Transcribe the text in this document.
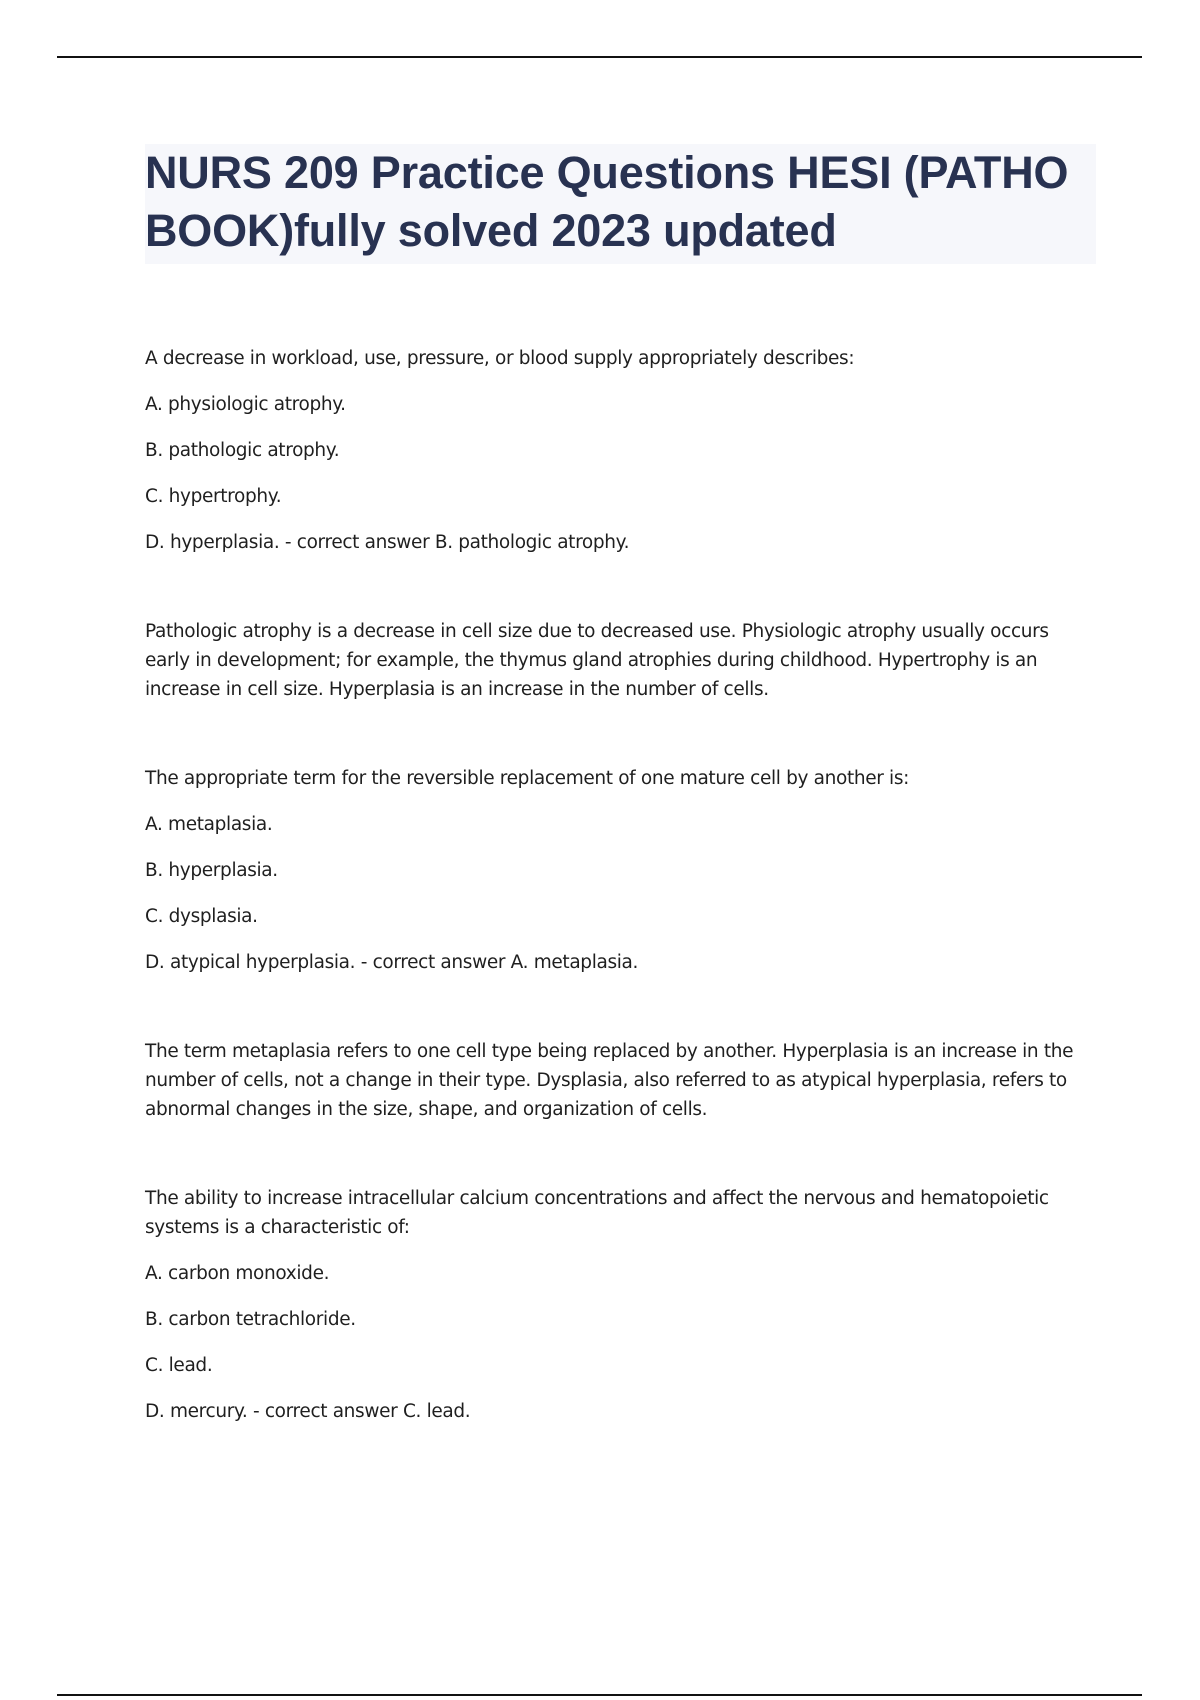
NURS 209 Practice Questions HESI (PATHO BOOK)fully solved 2023 updated

A decrease in workload, use, pressure, or blood supply appropriately describes:

A. physiologic atrophy.

B. pathologic atrophy.

C. hypertrophy.

D. hyperplasia. - correct answer B. pathologic atrophy.

Pathologic atrophy is a decrease in cell size due to decreased use. Physiologic atrophy usually occurs

early in development; for example, the thymus gland atrophies during childhood. Hypertrophy is an

increase in cell size. Hyperplasia is an increase in the number of cells.

The appropriate term for the reversible replacement of one mature cell by another is:

A. metaplasia.

B. hyperplasia.

C. dysplasia.

D. atypical hyperplasia. - correct answer A. metaplasia.

The term metaplasia refers to one cell type being replaced by another. Hyperplasia is an increase in the

number of cells, not a change in their type. Dysplasia, also referred to as atypical hyperplasia, refers to

abnormal changes in the size, shape, and organization of cells.

The ability to increase intracellular calcium concentrations and affect the nervous and hematopoietic

systems is a characteristic of:

A. carbon monoxide.

B. carbon tetrachloride.

C. lead.

D. mercury. - correct answer C. lead.
